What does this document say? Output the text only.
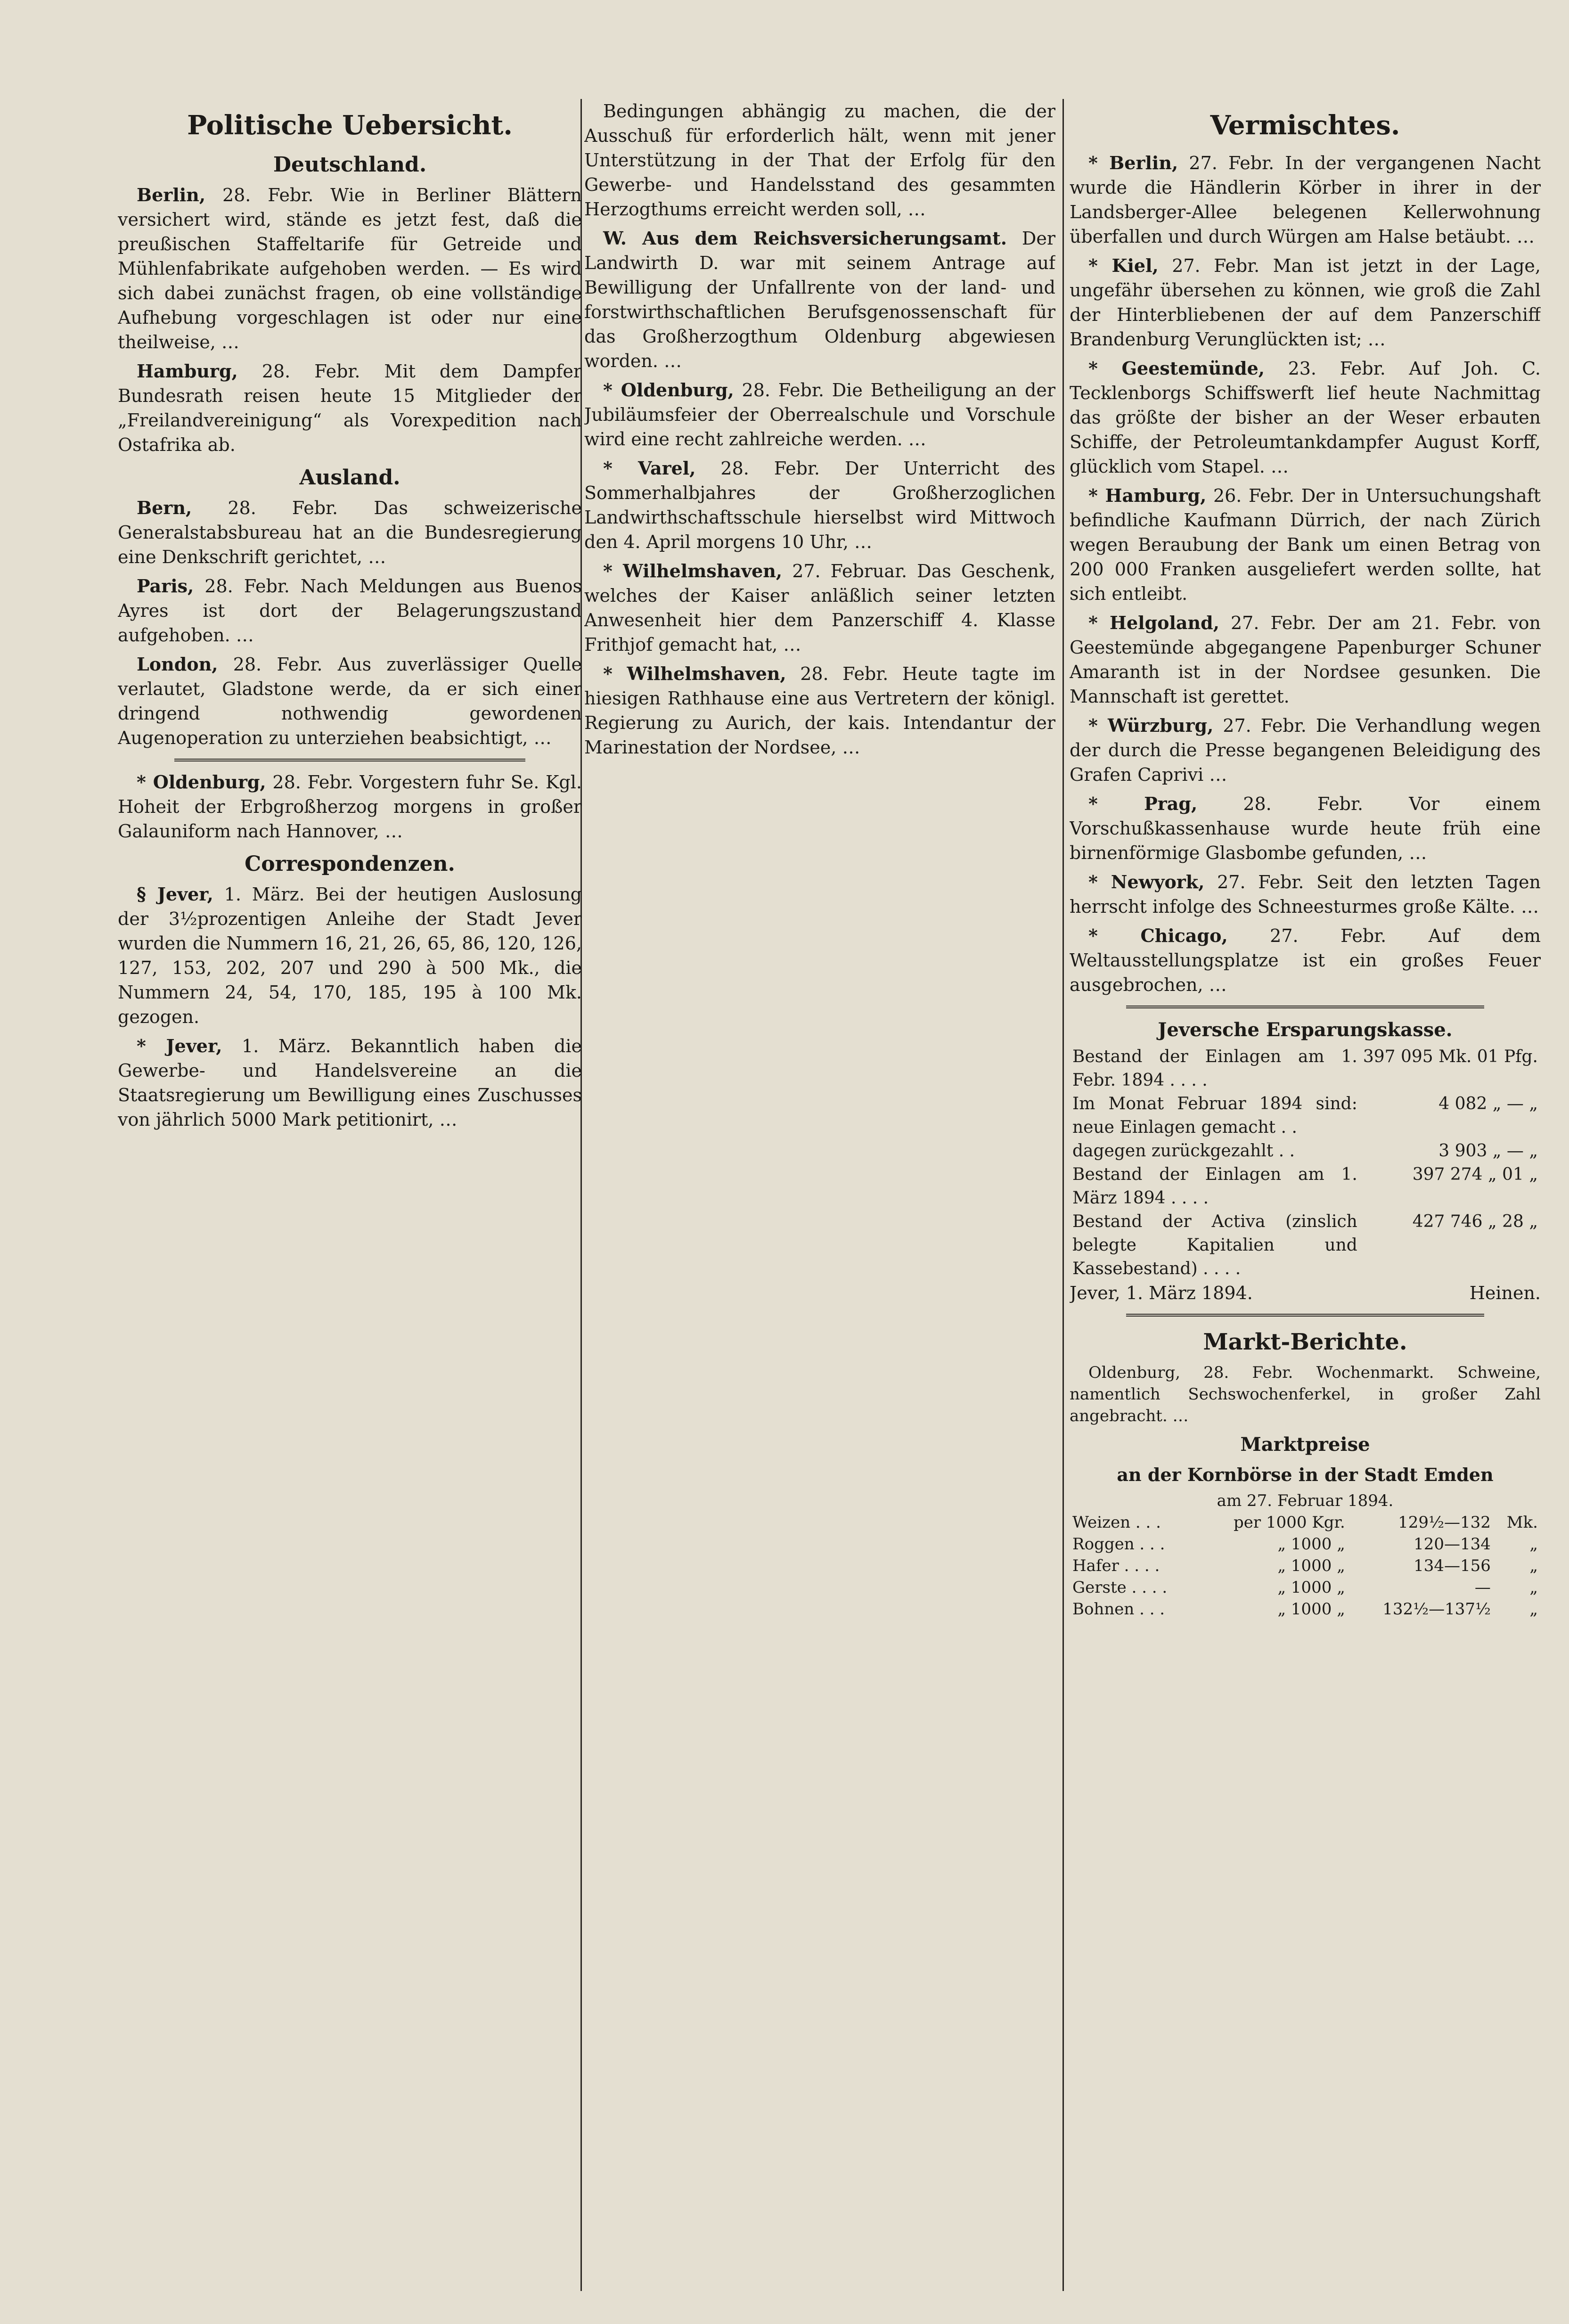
Politische Uebersicht.
Deutschland.

Berlin, 28. Febr. Wie in Berliner Blättern versichert wird, stände es jetzt fest, daß die preußischen Staffeltarife für Getreide und Mühlenfabrikate aufgehoben werden. — Es wird sich dabei zunächst fragen, ob eine vollständige Aufhebung vorgeschlagen ist oder nur eine theilweise, …

Hamburg, 28. Febr. Mit dem Dampfer Bundesrath reisen heute 15 Mitglieder der „Freilandvereinigung“ als Vorexpedition nach Ostafrika ab.

Ausland.

Bern, 28. Febr. Das schweizerische Generalstabsbureau hat an die Bundesregierung eine Denkschrift gerichtet, …

Paris, 28. Febr. Nach Meldungen aus Buenos Ayres ist dort der Belagerungszustand aufgehoben. …

London, 28. Febr. Aus zuverlässiger Quelle verlautet, Gladstone werde, da er sich einer dringend nothwendig gewordenen Augenoperation zu unterziehen beabsichtigt, …

* Oldenburg, 28. Febr. Vorgestern fuhr Se. Kgl. Hoheit der Erbgroßherzog morgens in großer Galauniform nach Hannover, …

Correspondenzen.

§ Jever, 1. März. Bei der heutigen Auslosung der 3½prozentigen Anleihe der Stadt Jever wurden die Nummern 16, 21, 26, 65, 86, 120, 126, 127, 153, 202, 207 und 290 à 500 Mk., die Nummern 24, 54, 170, 185, 195 à 100 Mk. gezogen.

* Jever, 1. März. Bekanntlich haben die Gewerbe- und Handelsvereine an die Staatsregierung um Bewilligung eines Zuschusses von jährlich 5000 Mark petitionirt, …

Bedingungen abhängig zu machen, die der Ausschuß für erforderlich hält, wenn mit jener Unterstützung in der That der Erfolg für den Gewerbe- und Handelsstand des gesammten Herzogthums erreicht werden soll, …

W. Aus dem Reichsversicherungsamt. Der Landwirth D. war mit seinem Antrage auf Bewilligung der Unfallrente von der land- und forstwirthschaftlichen Berufsgenossenschaft für das Großherzogthum Oldenburg abgewiesen worden. …

* Oldenburg, 28. Febr. Die Betheiligung an der Jubiläumsfeier der Oberrealschule und Vorschule wird eine recht zahlreiche werden. …

* Varel, 28. Febr. Der Unterricht des Sommerhalbjahres der Großherzoglichen Landwirthschaftsschule hierselbst wird Mittwoch den 4. April morgens 10 Uhr, …

* Wilhelmshaven, 27. Februar. Das Geschenk, welches der Kaiser anläßlich seiner letzten Anwesenheit hier dem Panzerschiff 4. Klasse Frithjof gemacht hat, …

* Wilhelmshaven, 28. Febr. Heute tagte im hiesigen Rathhause eine aus Vertretern der königl. Regierung zu Aurich, der kais. Intendantur der Marinestation der Nordsee, …

Vermischtes.

* Berlin, 27. Febr. In der vergangenen Nacht wurde die Händlerin Körber in ihrer in der Landsberger-Allee belegenen Kellerwohnung überfallen und durch Würgen am Halse betäubt. …

* Kiel, 27. Febr. Man ist jetzt in der Lage, ungefähr übersehen zu können, wie groß die Zahl der Hinterbliebenen der auf dem Panzerschiff Brandenburg Verunglückten ist; …

* Geestemünde, 23. Febr. Auf Joh. C. Tecklenborgs Schiffswerft lief heute Nachmittag das größte der bisher an der Weser erbauten Schiffe, der Petroleumtankdampfer August Korff, glücklich vom Stapel. …

* Hamburg, 26. Febr. Der in Untersuchungshaft befindliche Kaufmann Dürrich, der nach Zürich wegen Beraubung der Bank um einen Betrag von 200 000 Franken ausgeliefert werden sollte, hat sich entleibt.

* Helgoland, 27. Febr. Der am 21. Febr. von Geestemünde abgegangene Papenburger Schuner Amaranth ist in der Nordsee gesunken. Die Mannschaft ist gerettet.

* Würzburg, 27. Febr. Die Verhandlung wegen der durch die Presse begangenen Beleidigung des Grafen Caprivi …

* Prag,	28. Febr. Vor einem Vorschußkassenhause wurde heute früh eine birnenförmige Glasbombe gefunden, …

* Newyork, 27. Febr. Seit den letzten Tagen herrscht infolge des Schneesturmes große Kälte. …

* Chicago, 27. Febr. Auf dem Weltausstellungsplatze ist ein großes Feuer ausgebrochen, …

Jeversche Ersparungskasse.
Bestand der Einlagen am 1. Febr. 1894 . . . .	397 095 Mk. 01 Pfg.
Im Monat Februar 1894 sind: neue Einlagen gemacht . .	4 082 „ — „
dagegen zurückgezahlt . .	3 903 „ — „
Bestand der Einlagen am 1. März 1894 . . . .	397 274 „ 01 „
Bestand der Activa (zinslich belegte Kapitalien und Kassebestand) . . . .	427 746 „ 28 „
Jever, 1. März 1894.	Heinen.
Markt-Berichte.

Oldenburg, 28. Febr. Wochenmarkt. Schweine, namentlich Sechswochenferkel, in großer Zahl angebracht. …

Marktpreise
an der Kornbörse in der Stadt Emden
am 27. Februar 1894.
Weizen . . .	per 1000 Kgr.	129½—132	Mk.
Roggen . . .	„ 1000 „	120—134	„
Hafer . . . .	„ 1000 „	134—156	„
Gerste . . . .	„ 1000 „	—	„
Bohnen . . .	„ 1000 „	132½—137½	„
